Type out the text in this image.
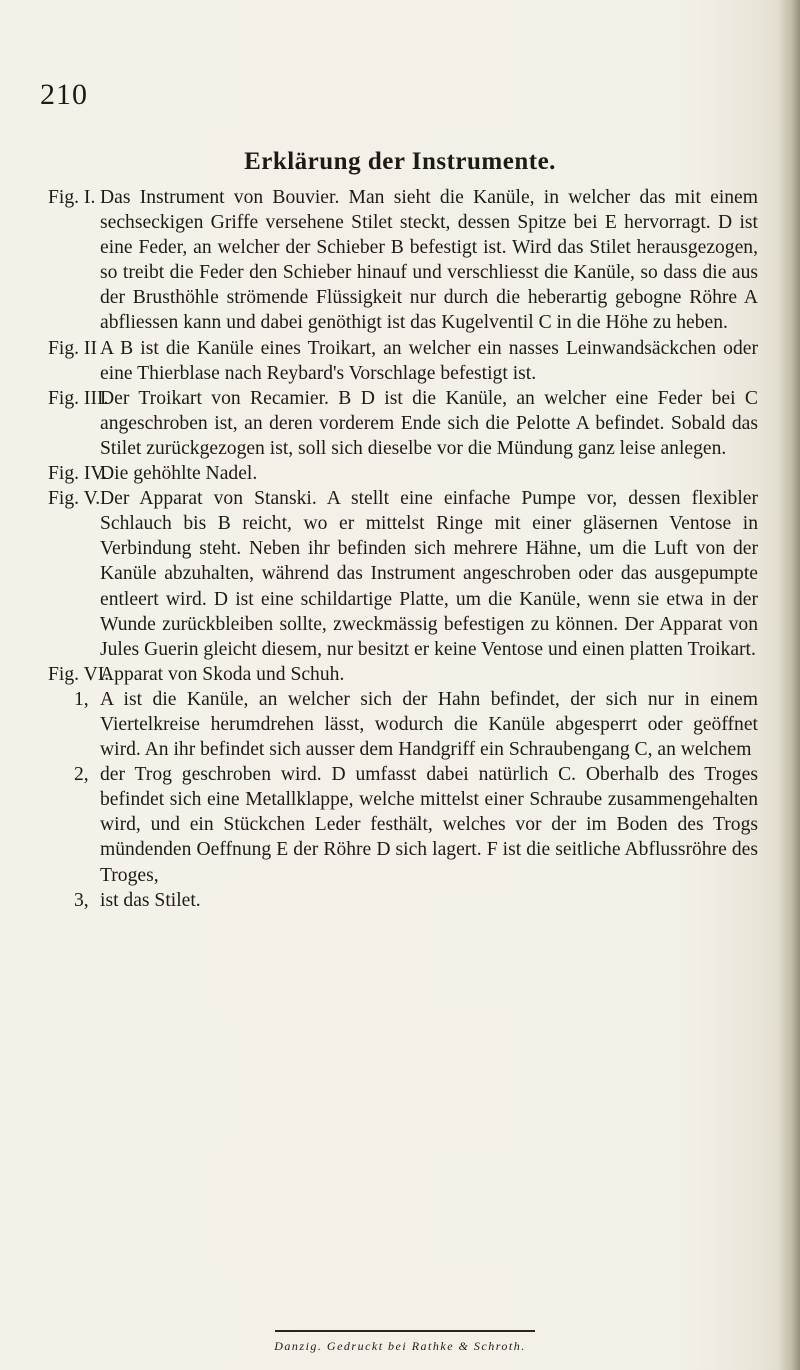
210
Erklärung der Instrumente.
Fig. I. Das Instrument von Bouvier. Man sieht die Kanüle, in welcher das mit einem sechseckigen Griffe versehene Stilet steckt, dessen Spitze bei E hervorragt. D ist eine Feder, an welcher der Schieber B befestigt ist. Wird das Stilet herausgezogen, so treibt die Feder den Schieber hinauf und verschliesst die Kanüle, so dass die aus der Brusthöhle strömende Flüssigkeit nur durch die heberartig gebogne Röhre A abfliessen kann und dabei genöthigt ist das Kugelventil C in die Höhe zu heben.
Fig. II A B ist die Kanüle eines Troikart, an welcher ein nasses Leinwandsäckchen oder eine Thierblase nach Reybard's Vorschlage befestigt ist.
Fig. III.
Der Troikart von Recamier. B D ist die Kanüle, an welcher eine Feder bei C angeschroben ist, an deren vorderem Ende sich die Pelotte A befindet. Sobald das Stilet zurückgezogen ist, soll sich dieselbe vor die Mündung ganz leise anlegen.
Fig. IV.
Die gehöhlte Nadel.
Fig. V. Der Apparat von Stanski. A stellt eine einfache Pumpe vor, dessen flexibler Schlauch bis B reicht, wo er mittelst Ringe mit einer gläsernen Ventose in Verbindung steht. Neben ihr befinden sich mehrere Hähne, um die Luft von der Kanüle abzuhalten, während das Instrument angeschroben oder das ausgepumpte entleert wird. D ist eine schildartige Platte, um die Kanüle, wenn sie etwa in der Wunde zurückbleiben sollte, zweckmässig befestigen zu können. Der Apparat von Jules Guerin gleicht diesem, nur besitzt er keine Ventose und einen platten Troikart.
Fig. VI.
Apparat von Skoda und Schuh.
1, A ist die Kanüle, an welcher sich der Hahn befindet, der sich nur in einem Viertelkreise herumdrehen lässt, wodurch die Kanüle abgesperrt oder geöffnet wird. An ihr befindet sich ausser dem Handgriff ein Schraubengang C, an welchem
2, der Trog geschroben wird. D umfasst dabei natürlich C. Oberhalb des Troges befindet sich eine Metallklappe, welche mittelst einer Schraube zusammengehalten wird, und ein Stückchen Leder festhält, welches vor der im Boden des Trogs mündenden Oeffnung E der Röhre D sich lagert. F ist die seitliche Abflussröhre des Troges,
3, ist das Stilet.
Danzig. Gedruckt bei Rathke & Schroth.
